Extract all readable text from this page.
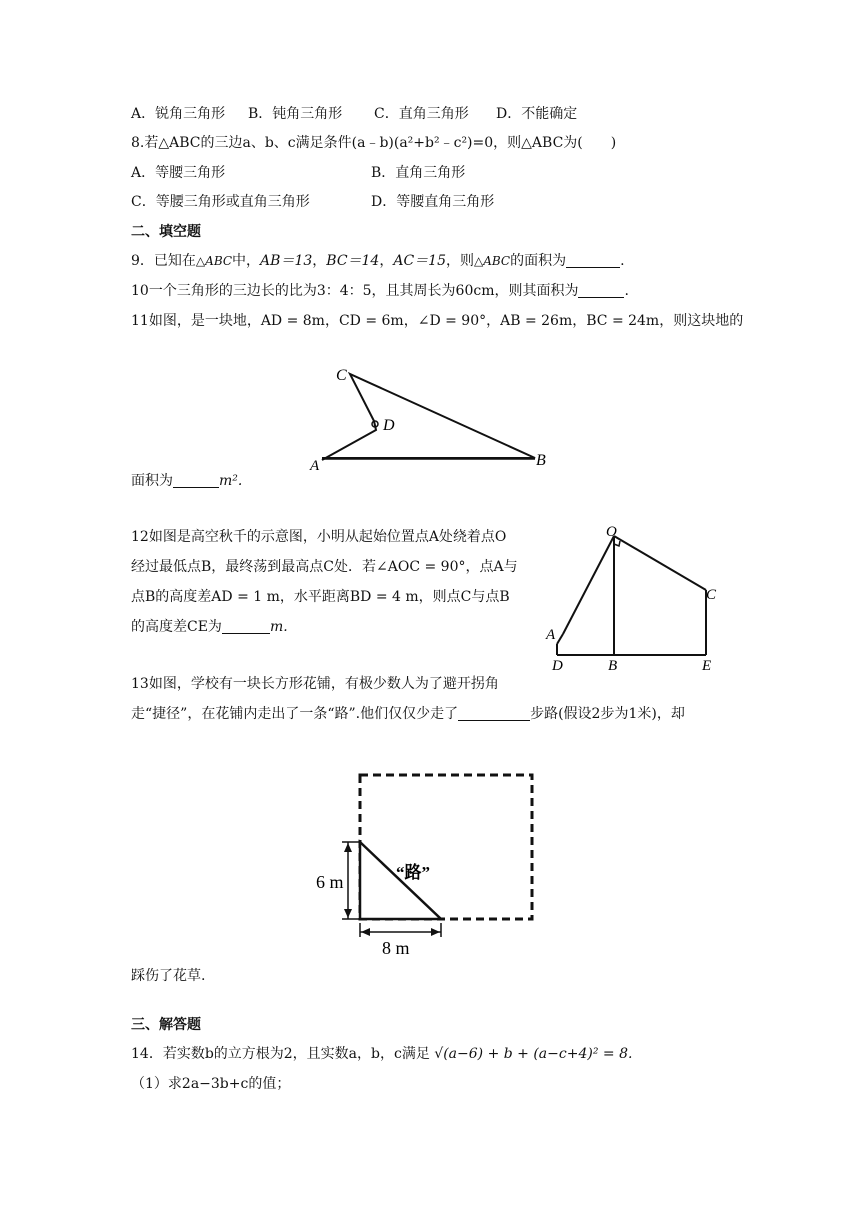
A．锐角三角形 B．钝角三角形 C．直角三角形 D．不能确定
8.若△ABC的三边a、b、c满足条件(a﹣b)(a²+b²﹣c²)=0，则△ABC为(　　)
A．等腰三角形	B．直角三角形
C．等腰三角形或直角三角形	D．等腰直角三角形
二、填空题
9．已知在△ABC中，AB＝13，BC＝14，AC＝15，则△ABC的面积为	.
10一个三角形的三边长的比为3：4：5，且其周长为60cm，则其面积为	.
11如图，是一块地，AD = 8m，CD = 6m，∠D = 90°，AB = 26m，BC = 24m，则这块地的
C
D
A	B
面积为	m².
12如图是高空秋千的示意图，小明从起始位置点A处绕着点O
经过最低点B，最终荡到最高点C处．若∠AOC = 90°，点A与
点B的高度差AD = 1 m，水平距离BD = 4 m，则点C与点B
的高度差CE为	m.
O
A
C
D	B	E
13如图，学校有一块长方形花铺，有极少数人为了避开拐角
走“捷径”，在花铺内走出了一条“路”.他们仅仅少走了	步路(假设2步为1米)，却
“路”
6 m
8 m
踩伤了花草.
三、解答题
14．若实数b的立方根为2，且实数a，b，c满足 √(a−6) + b + (a−c+4)² = 8.
（1）求2a−3b+c的值；
